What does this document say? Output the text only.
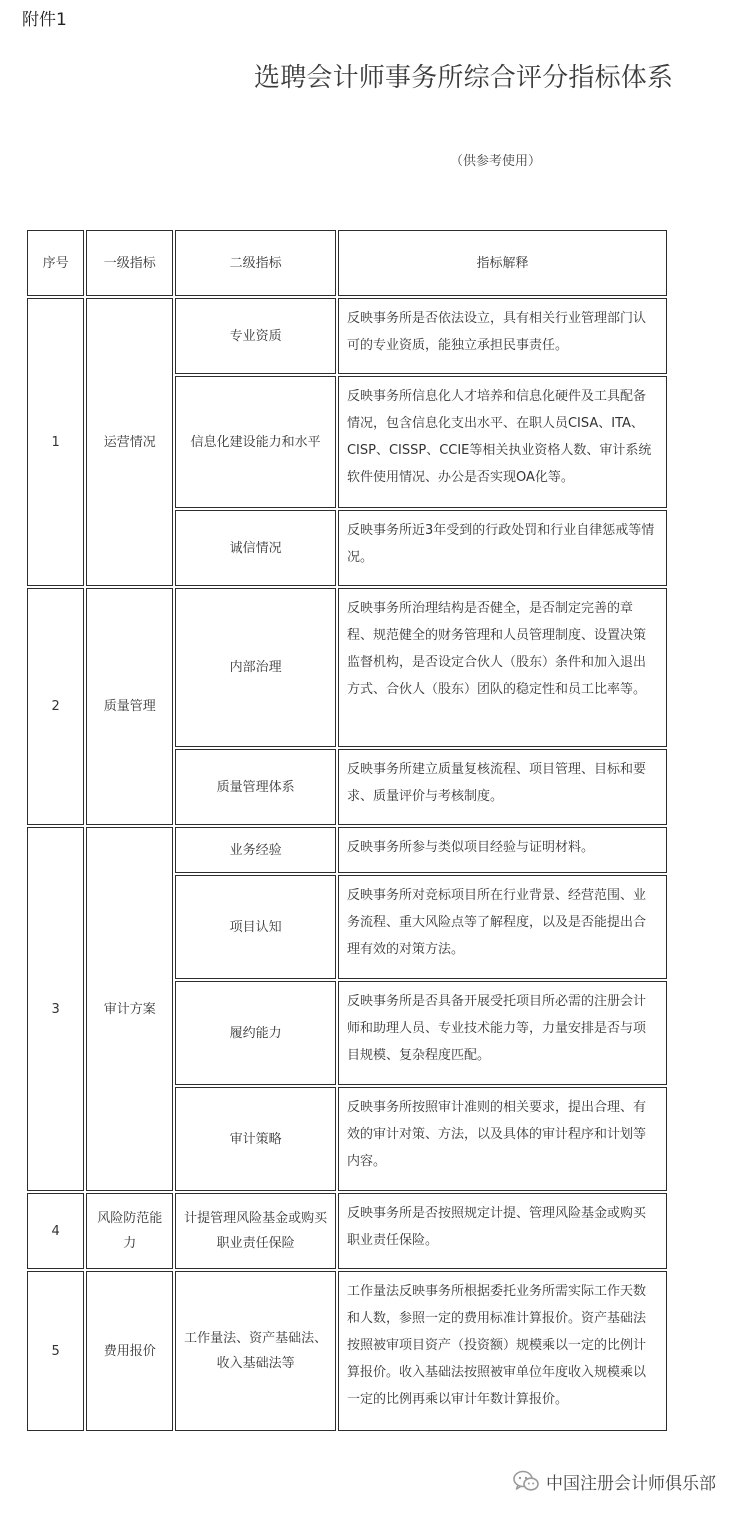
附件1
选聘会计师事务所综合评分指标体系
（供参考使用）
序号	一级指标	二级指标	指标解释
1	运营情况	专业资质	反映事务所是否依法设立，具有相关行业管理部门认可的专业资质，能独立承担民事责任。
		信息化建设能力和水平	反映事务所信息化人才培养和信息化硬件及工具配备情况，包含信息化支出水平、在职人员CISA、ITA、CISP、CISSP、CCIE等相关执业资格人数、审计系统软件使用情况、办公是否实现OA化等。
		诚信情况	反映事务所近3年受到的行政处罚和行业自律惩戒等情况。
2	质量管理	内部治理	反映事务所治理结构是否健全，是否制定完善的章程、规范健全的财务管理和人员管理制度、设置决策监督机构，是否设定合伙人（股东）条件和加入退出方式、合伙人（股东）团队的稳定性和员工比率等。
		质量管理体系	反映事务所建立质量复核流程、项目管理、目标和要求、质量评价与考核制度。
3	审计方案	业务经验	反映事务所参与类似项目经验与证明材料。
		项目认知	反映事务所对竞标项目所在行业背景、经营范围、业务流程、重大风险点等了解程度，以及是否能提出合理有效的对策方法。
		履约能力	反映事务所是否具备开展受托项目所必需的注册会计师和助理人员、专业技术能力等，力量安排是否与项目规模、复杂程度匹配。
		审计策略	反映事务所按照审计准则的相关要求，提出合理、有效的审计对策、方法，以及具体的审计程序和计划等内容。
4	风险防范能力	计提管理风险基金或购买职业责任保险	反映事务所是否按照规定计提、管理风险基金或购买职业责任保险。
5	费用报价	工作量法、资产基础法、收入基础法等	工作量法反映事务所根据委托业务所需实际工作天数和人数，参照一定的费用标准计算报价。资产基础法按照被审项目资产（投资额）规模乘以一定的比例计算报价。收入基础法按照被审单位年度收入规模乘以一定的比例再乘以审计年数计算报价。
中国注册会计师俱乐部
